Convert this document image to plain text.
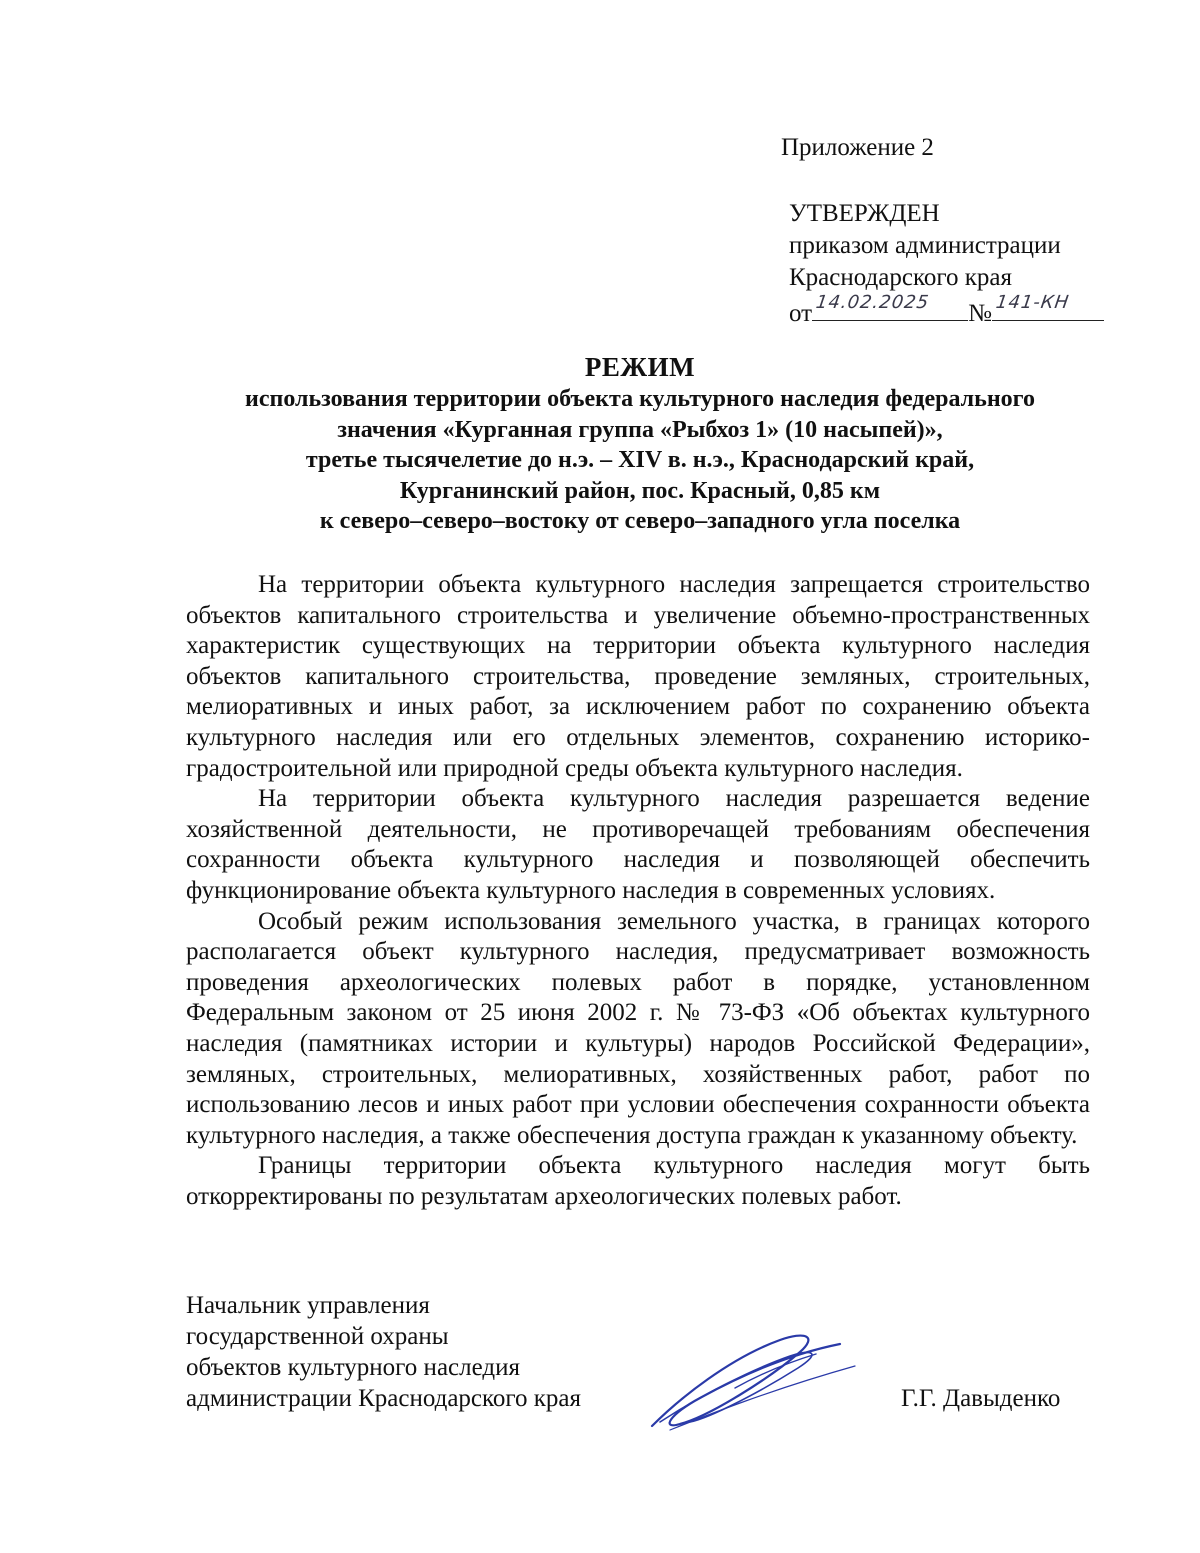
Приложение 2
УТВЕРЖДЕН
приказом администрации
Краснодарского края
от 14.02.2025 № 141-КН
РЕЖИМ
использования территории объекта культурного наследия федерального
значения «Курганная группа «Рыбхоз 1» (10 насыпей)»,
третье тысячелетие до н.э. – XIV в. н.э., Краснодарский край,
Курганинский район, пос. Красный, 0,85 км
к северо–северо–востоку от северо–западного угла поселка

На территории объекта культурного наследия запрещается строительство объектов капитального строительства и увеличение объемно-пространственных характеристик существующих на территории объекта культурного наследия объектов капитального строительства, проведение земляных, строительных, мелиоративных и иных работ, за исключением работ по сохранению объекта культурного наследия или его отдельных элементов, сохранению историко-градостроительной или природной среды объекта культурного наследия.

На территории объекта культурного наследия разрешается ведение хозяйственной деятельности, не противоречащей требованиям обеспечения сохранности объекта культурного наследия и позволяющей обеспечить функционирование объекта культурного наследия в современных условиях.

Особый режим использования земельного участка, в границах которого располагается объект культурного наследия, предусматривает возможность проведения археологических полевых работ в порядке, установленном Федеральным законом от 25 июня 2002 г. № 73-ФЗ «Об объектах культурного наследия (памятниках истории и культуры) народов Российской Федерации», земляных, строительных, мелиоративных, хозяйственных работ, работ по использованию лесов и иных работ при условии обеспечения сохранности объекта культурного наследия, а также обеспечения доступа граждан к указанному объекту.

Границы территории объекта культурного наследия могут быть откорректированы по результатам археологических полевых работ.

Начальник управления
государственной охраны
объектов культурного наследия
администрации Краснодарского края	Г.Г. Давыденко
